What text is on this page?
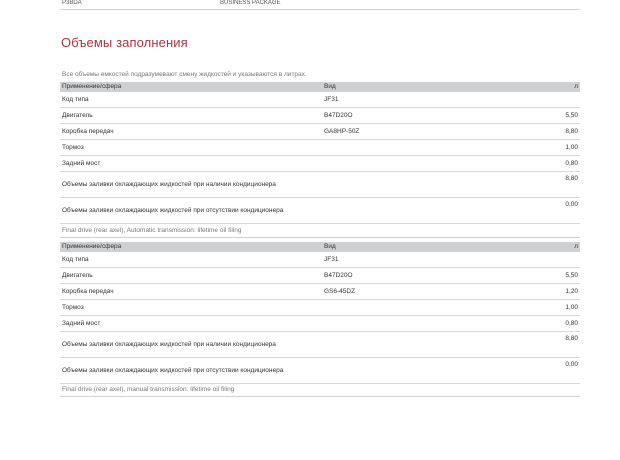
P3BDA	BUSINESS PACKAGE
Объемы заполнения
Все объемы емкостей подразумевают смену жидкостей и указываются в литрах.
Применение/сфера	Вид	л
Код типа	JF31	
Двигатель	B47D20O	5,50
Коробка передач	GA8HP-50Z	8,80
Тормоз		1,00
Задний мост		0,80
Объемы заливки охлаждающих жидкостей при наличии кондиционера		8,80
Объемы заливки охлаждающих жидкостей при отсутствии кондиционера		0,00
Final drive (rear axel), Automatic transmission: lifetime oil filing
Применение/сфера	Вид	л
Код типа	JF31	
Двигатель	B47D20O	5,50
Коробка передач	GS6-45DZ	1,20
Тормоз		1,00
Задний мост		0,80
Объемы заливки охлаждающих жидкостей при наличии кондиционера		8,80
Объемы заливки охлаждающих жидкостей при отсутствии кондиционера		0,00
Final drive (rear axel), manual transmission: lifetime oil filing
